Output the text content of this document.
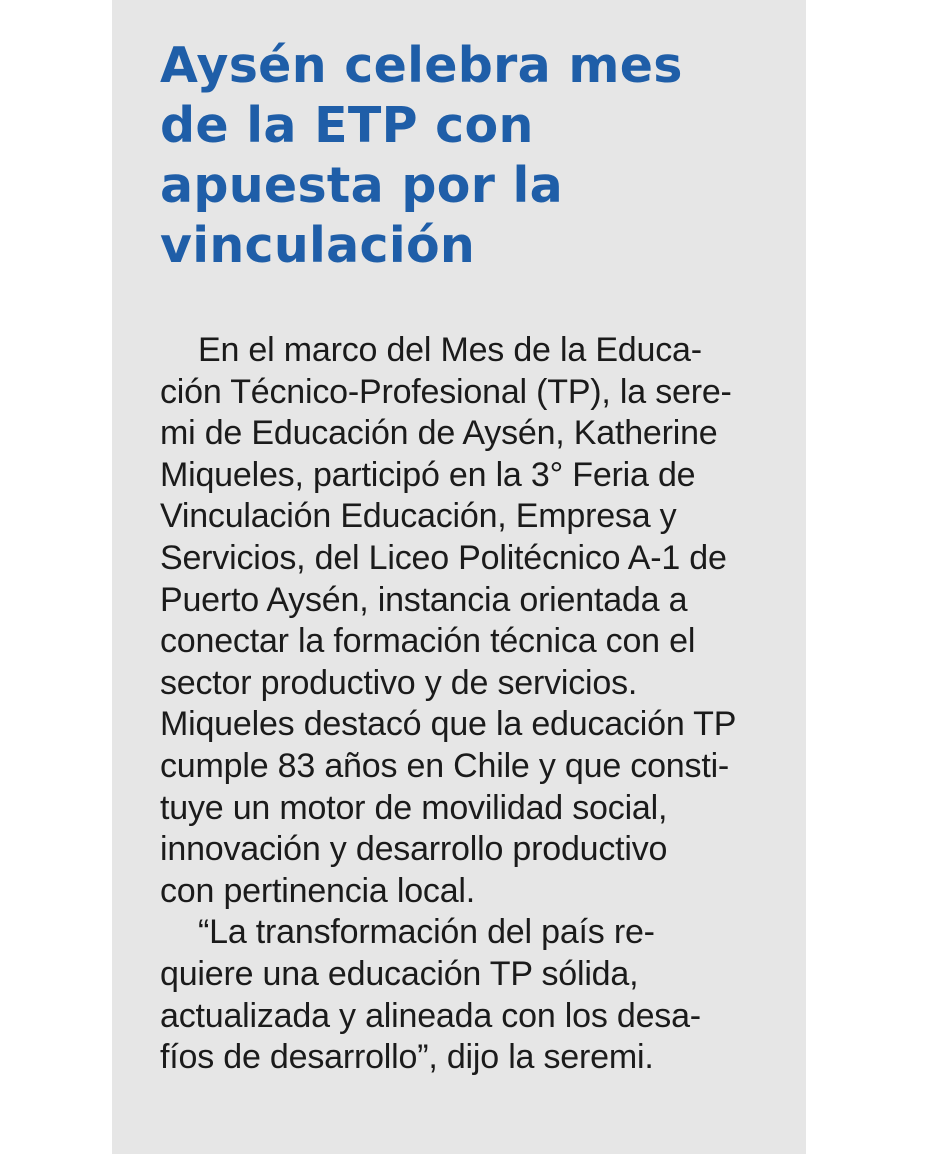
Aysén celebra mes
de la ETP con
apuesta por la
vinculación
En el marco del Mes de la Educa-
ción Técnico-Profesional (TP), la sere-
mi de Educación de Aysén, Katherine
Miqueles, participó en la 3° Feria de
Vinculación Educación, Empresa y
Servicios, del Liceo Politécnico A-1 de
Puerto Aysén, instancia orientada a
conectar la formación técnica con el
sector productivo y de servicios.
Miqueles destacó que la educación TP
cumple 83 años en Chile y que consti-
tuye un motor de movilidad social,
innovación y desarrollo productivo
con pertinencia local.
“La transformación del país re-
quiere una educación TP sólida,
actualizada y alineada con los desa-
fíos de desarrollo”, dijo la seremi.
